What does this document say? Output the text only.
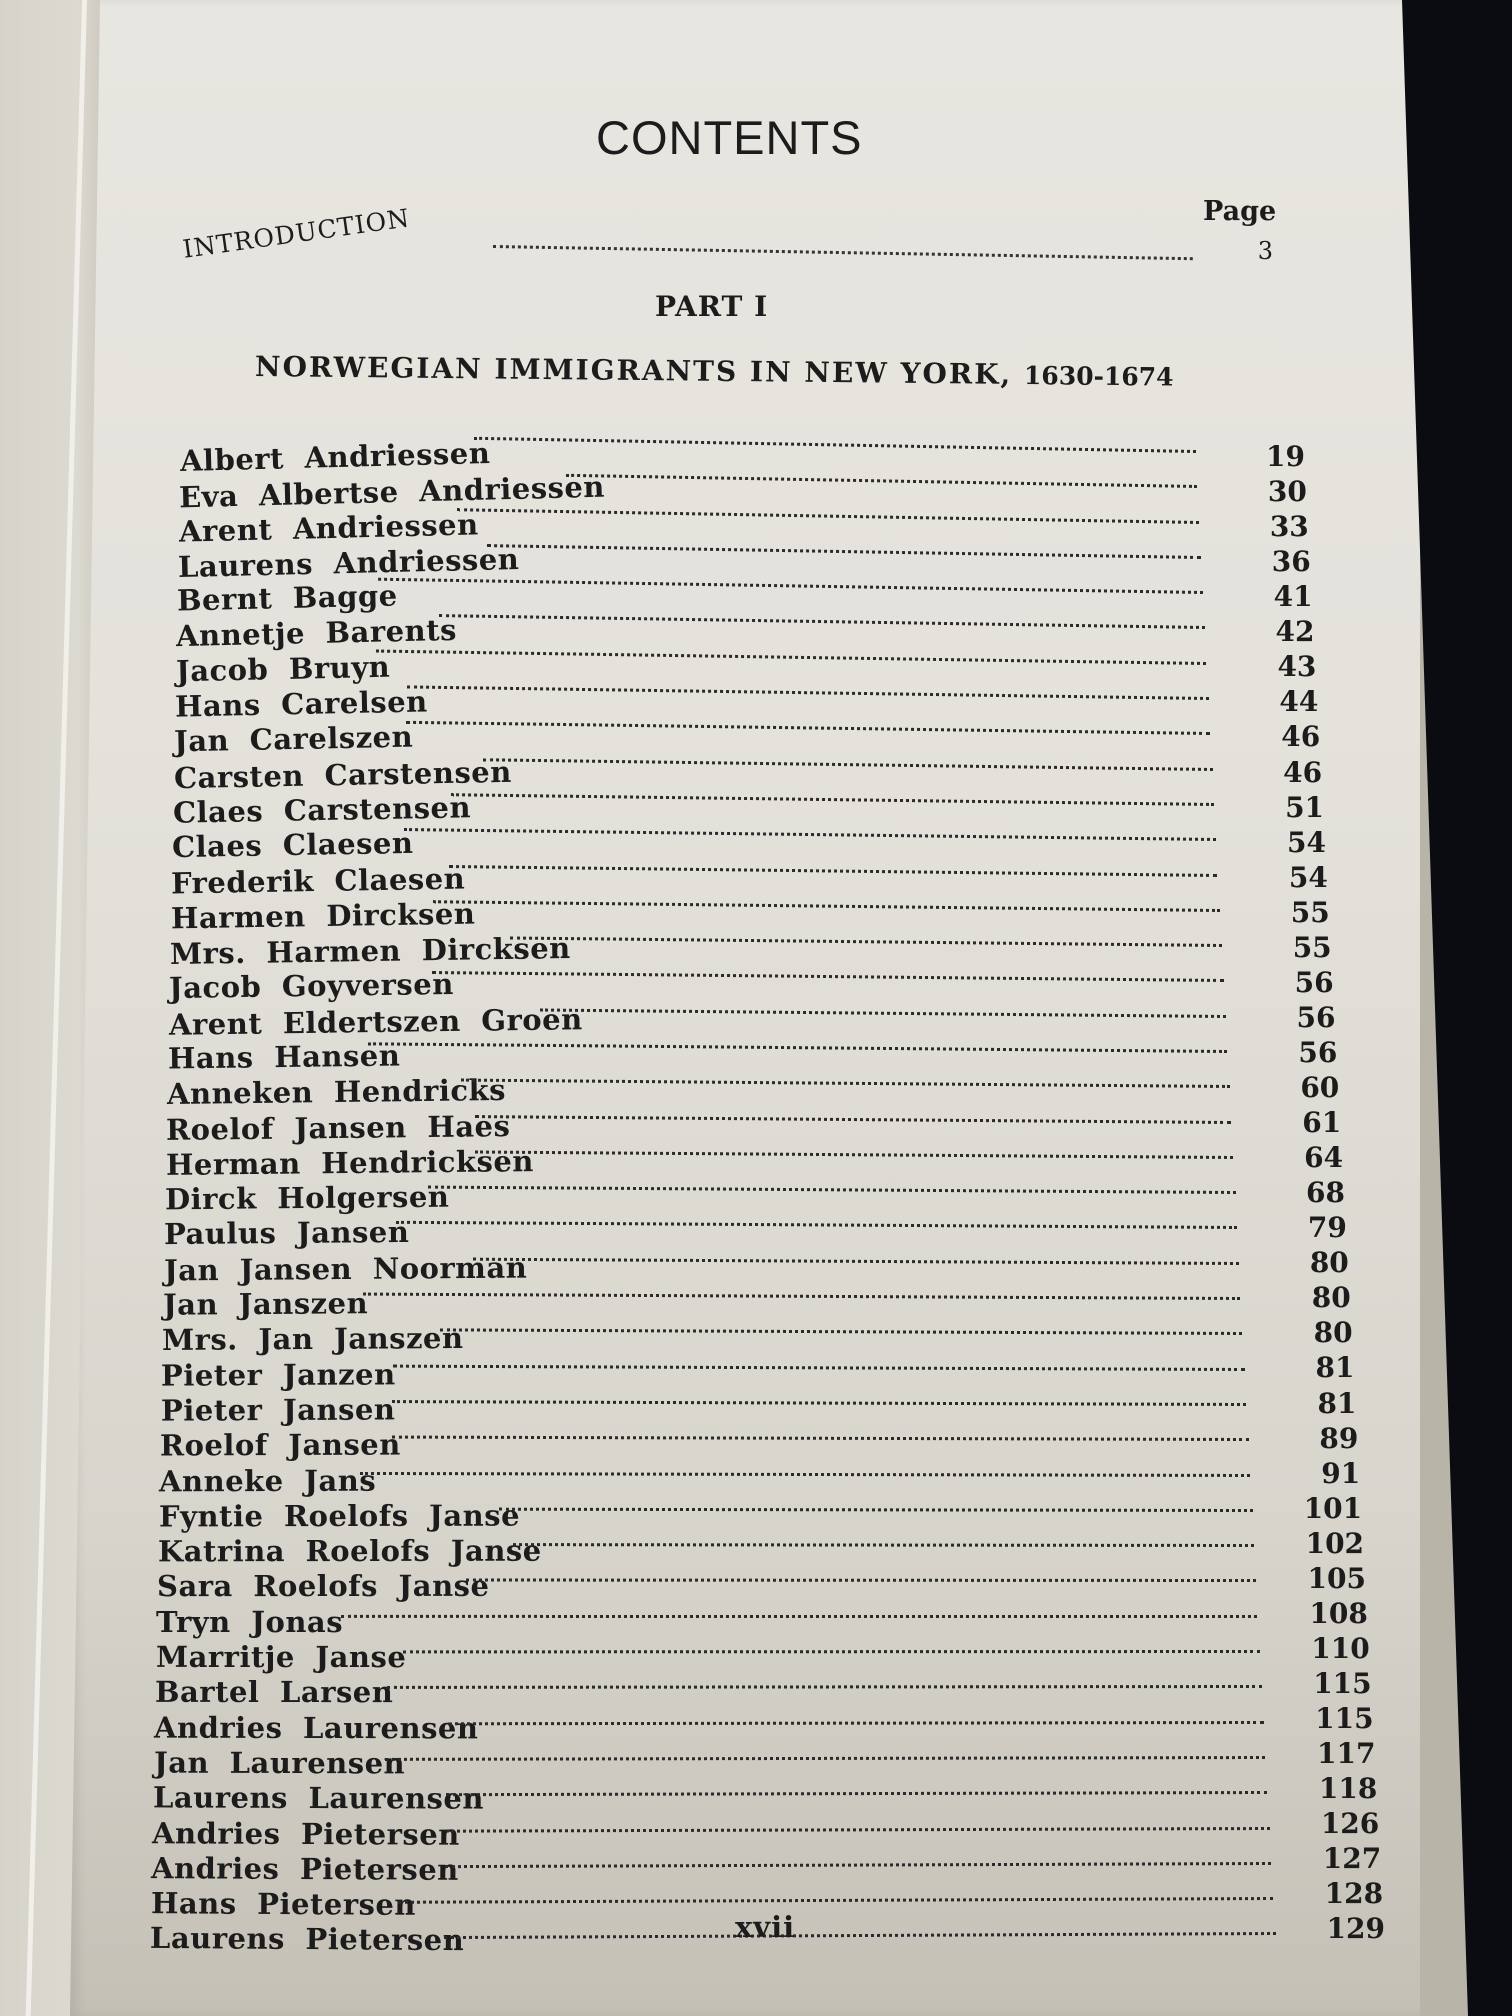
CONTENTS
Page
INTRODUCTION	3
PART I
NORWEGIAN IMMIGRANTS IN NEW YORK, 1630-1674
Albert Andriessen	19
Eva Albertse Andriessen	30
Arent Andriessen	33
Laurens Andriessen	36
Bernt Bagge	41
Annetje Barents	42
Jacob Bruyn	43
Hans Carelsen	44
Jan Carelszen	46
Carsten Carstensen	46
Claes Carstensen	51
Claes Claesen	54
Frederik Claesen	54
Harmen Dircksen	55
Mrs. Harmen Dircksen	55
Jacob Goyversen	56
Arent Eldertszen Groen	56
Hans Hansen	56
Anneken Hendricks	60
Roelof Jansen Haes	61
Herman Hendricksen	64
Dirck Holgersen	68
Paulus Jansen	79
Jan Jansen Noorman	80
Jan Janszen	80
Mrs. Jan Janszen	80
Pieter Janzen	81
Pieter Jansen	81
Roelof Jansen	89
Anneke Jans	91
Fyntie Roelofs Janse	101
Katrina Roelofs Janse	102
Sara Roelofs Janse	105
Tryn Jonas	108
Marritje Janse	110
Bartel Larsen	115
Andries Laurensen	115
Jan Laurensen	117
Laurens Laurensen	118
Andries Pietersen	126
Andries Pietersen	127
Hans Pietersen	128
Laurens Pietersen	129
xvii
